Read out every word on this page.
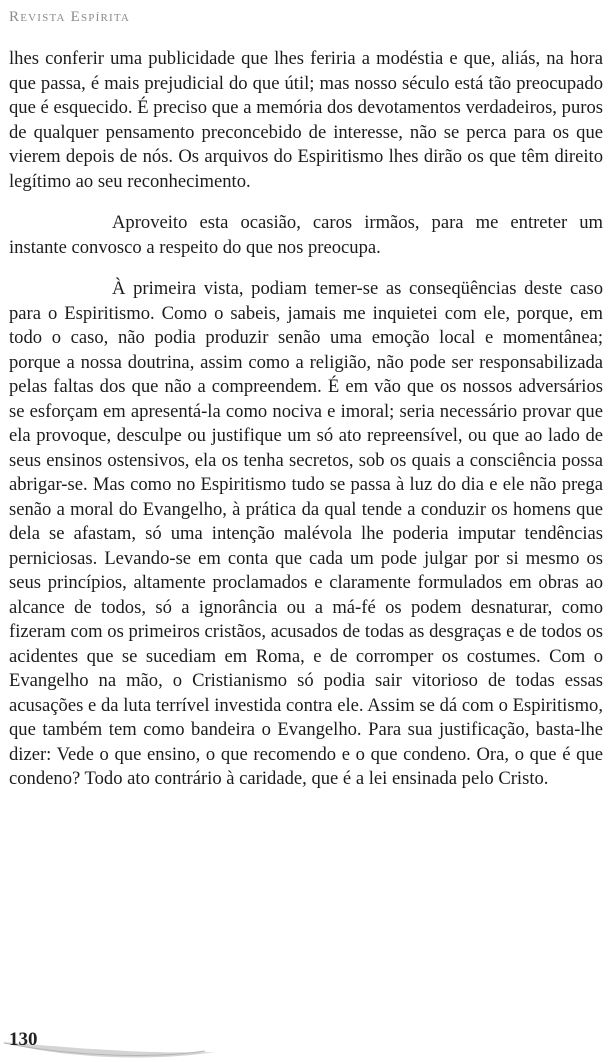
Revista Espírita

lhes conferir uma publicidade que lhes feriria a modéstia e que, aliás, na hora que passa, é mais prejudicial do que útil; mas nosso século está tão preocupado que é esquecido. É preciso que a memória dos devotamentos verdadeiros, puros de qualquer pensamento preconcebido de interesse, não se perca para os que vierem depois de nós. Os arquivos do Espiritismo lhes dirão os que têm direito legítimo ao seu reconhecimento.

Aproveito esta ocasião, caros irmãos, para me entreter um instante convosco a respeito do que nos preocupa.

À primeira vista, podiam temer-se as conseqüências deste caso para o Espiritismo. Como o sabeis, jamais me inquietei com ele, porque, em todo o caso, não podia produzir senão uma emoção local e momentânea; porque a nossa doutrina, assim como a religião, não pode ser responsabilizada pelas faltas dos que não a compreendem. É em vão que os nossos adversários se esforçam em apresentá-la como nociva e imoral; seria necessário provar que ela provoque, desculpe ou justifique um só ato repreensível, ou que ao lado de seus ensinos ostensivos, ela os tenha secretos, sob os quais a consciência possa abrigar-se. Mas como no Espiritismo tudo se passa à luz do dia e ele não prega senão a moral do Evangelho, à prática da qual tende a conduzir os homens que dela se afastam, só uma intenção malévola lhe poderia imputar tendências perniciosas. Levando-se em conta que cada um pode julgar por si mesmo os seus princípios, altamente proclamados e claramente formulados em obras ao alcance de todos, só a ignorância ou a má-fé os podem desnaturar, como fizeram com os primeiros cristãos, acusados de todas as desgraças e de todos os acidentes que se sucediam em Roma, e de corromper os costumes. Com o Evangelho na mão, o Cristianismo só podia sair vitorioso de todas essas acusações e da luta terrível investida contra ele. Assim se dá com o Espiritismo, que também tem como bandeira o Evangelho. Para sua justificação, basta-lhe dizer: Vede o que ensino, o que recomendo e o que condeno. Ora, o que é que condeno? Todo ato contrário à caridade, que é a lei ensinada pelo Cristo.

130
